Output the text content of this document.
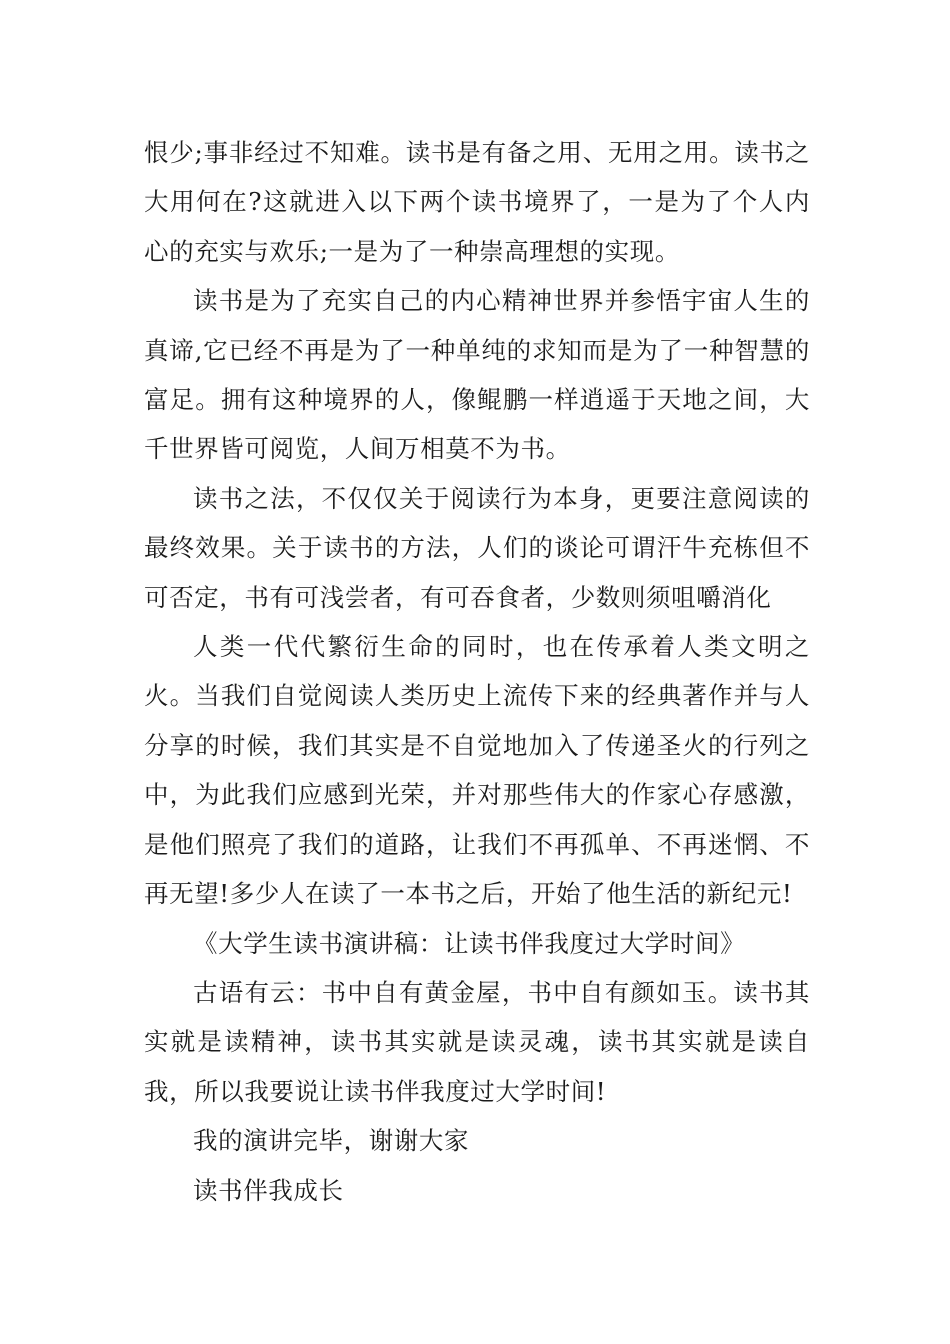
恨少;事非经过不知难。读书是有备之用、无用之用。读书之大用何在?这就进入以下两个读书境界了，一是为了个人内心的充实与欢乐;一是为了一种崇高理想的实现。

读书是为了充实自己的内心精神世界并参悟宇宙人生的真谛,它已经不再是为了一种单纯的求知而是为了一种智慧的富足。拥有这种境界的人，像鲲鹏一样逍遥于天地之间，大千世界皆可阅览，人间万相莫不为书。

读书之法，不仅仅关于阅读行为本身，更要注意阅读的最终效果。关于读书的方法，人们的谈论可谓汗牛充栋但不可否定，书有可浅尝者，有可吞食者，少数则须咀嚼消化

人类一代代繁衍生命的同时，也在传承着人类文明之火。当我们自觉阅读人类历史上流传下来的经典著作并与人分享的时候，我们其实是不自觉地加入了传递圣火的行列之中，为此我们应感到光荣，并对那些伟大的作家心存感激，是他们照亮了我们的道路，让我们不再孤单、不再迷惘、不再无望!多少人在读了一本书之后，开始了他生活的新纪元!

《大学生读书演讲稿：让读书伴我度过大学时间》

古语有云：书中自有黄金屋，书中自有颜如玉。读书其实就是读精神，读书其实就是读灵魂，读书其实就是读自我，所以我要说让读书伴我度过大学时间!

我的演讲完毕，谢谢大家

读书伴我成长
